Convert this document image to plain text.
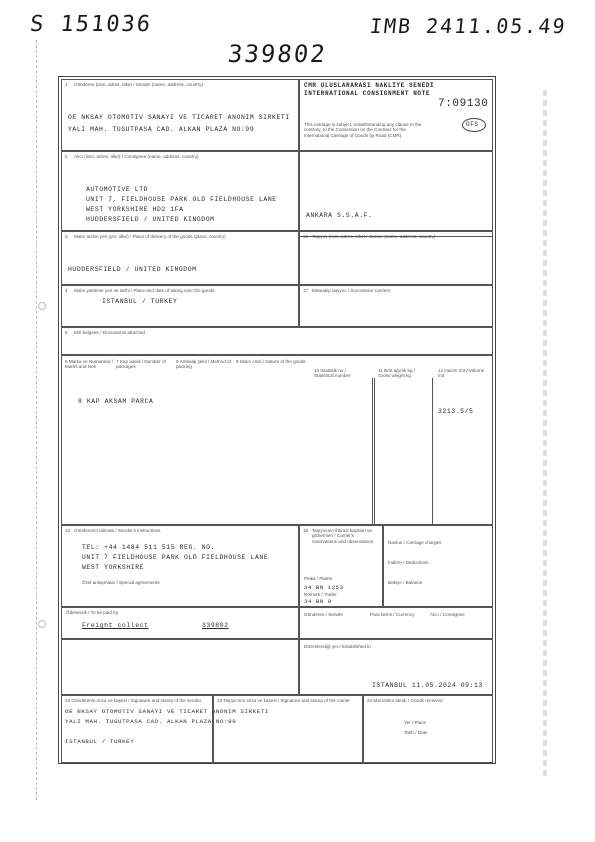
S 151036	IMB 2411.05.49
339802
1 Gönderen (isim, adres, ülke) / Sender (name, address, country)
OE NKSAY OTOMOTIV SANAYI VE TICARET ANONIM SIRKETI
YALI MAH. TUGUTPASA CAD. ALKAN PLAZA NO:99
CMR ULUSLARARASI NAKLİYE SENEDİ
INTERNATIONAL CONSIGNMENT NOTE
7:09130
This carriage is subject, notwithstanding any clause to the contrary, to the Convention on the Contract for the International Carriage of Goods by Road (CMR)
OFS
2 Alıcı (isim, adres, ülke) / Consignee (name, address, country)
AUTOMOTIVE LTD
UNIT 7, FIELDHOUSE PARK OLD FIELDHOUSE LANE
WEST YORKSHIRE HD2 1FA
HUDDERSFIELD / UNITED KINGDOM
ANKARA S.S.A.F.
3 Malın teslim yeri (yer, ülke) / Place of delivery of the goods (place, country)
HUDDERSFIELD / UNITED KINGDOM
16 Taşıyıcı (isim, adres, ülke) / Carrier (name, address, country)
4 Malın yükleme yeri ve tarihi / Place and date of taking over the goods
ISTANBUL / TURKEY
17 Müteakip taşıyıcı / Successive carriers
5 Ekli belgeler / Documents attached
6 Marka ve Numaralar / Marks and Nos
7 Kap adedi / Number of packages
8 Ambalaj şekli / Method of packing
9 Malın cinsi / Nature of the goods
10 İstatistik no / Statistical number
11 Brüt ağırlık kg / Gross weight kg
12 Hacim m3 / Volume m3
8 KAP AKSAM PARCA
3213.5/5
13 Gönderenin talimatı / Sender's instructions
TEL: +44 1484 511 515 REG. NO.
UNIT 7 FIELDHOUSE PARK OLD FIELDHOUSE LANE
WEST YORKSHIRE
Özel anlaşmalar / Special agreements
18 Taşıyıcının ihtirazi kayıtları ve gözlemleri / Carrier's reservations and observations
Plaka / Plates
34 BN 1253
Römork / Trailer
34 BN 0
Navlun / Carriage charges
İndirim / Deductions
Bakiye / Balance
Ödenecek / To be paid by
Freight collect	339802
Gönderen / Sender	Para birimi / Currency	Alıcı / Consignee
Düzenlendiği yer / Established in
ISTANBUL 11.05.2024 09:13
22 Gönderenin imza ve kaşesi / Signature and stamp of the sender
OE NKSAY OTOMOTIV SANAYI VE TICARET ANONIM SIRKETI
YALI MAH. TUGUTPASA CAD. ALKAN PLAZA NO:99
ISTANBUL / TURKEY
23 Taşıyıcının imza ve kaşesi / Signature and stamp of the carrier	24 Mal teslim alındı / Goods received
Yer / Place
Tarih / Date
